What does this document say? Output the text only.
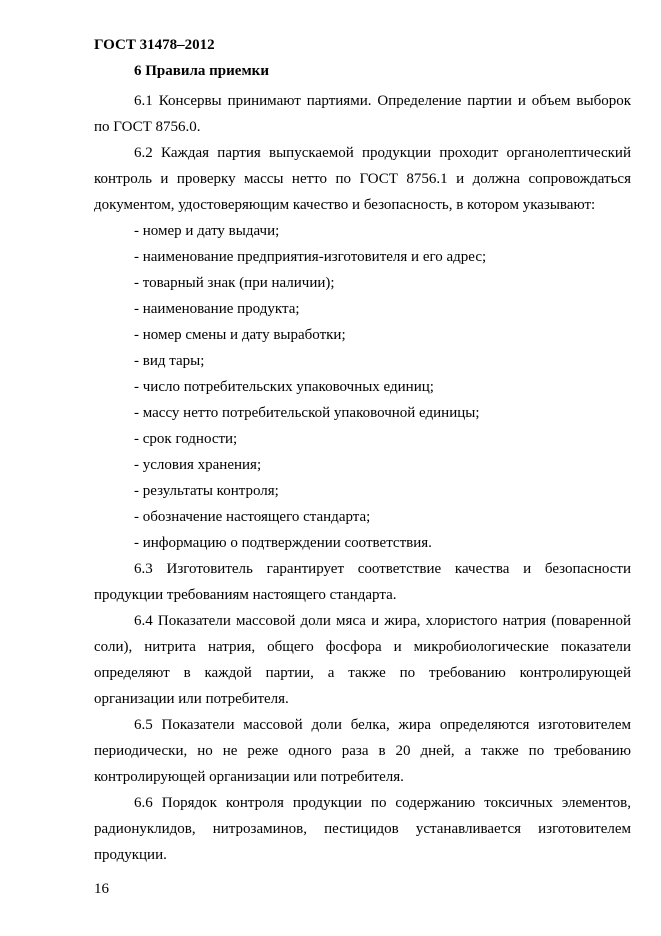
ГОСТ 31478–2012
6 Правила приемки

6.1 Консервы принимают партиями. Определение партии и объем выборок по ГОСТ 8756.0.

6.2 Каждая партия выпускаемой продукции проходит органолептический контроль и проверку массы нетто по ГОСТ 8756.1 и должна сопровождаться документом, удостоверяющим качество и безопасность, в котором указывают:

- номер и дату выдачи;
- наименование предприятия-изготовителя и его адрес;
- товарный знак (при наличии);
- наименование продукта;
- номер смены и дату выработки;
- вид тары;
- число потребительских упаковочных единиц;
- массу нетто потребительской упаковочной единицы;
- срок годности;
- условия хранения;
- результаты контроля;
- обозначение настоящего стандарта;
- информацию о подтверждении соответствия.

6.3 Изготовитель гарантирует соответствие качества и безопасности продукции требованиям настоящего стандарта.

6.4 Показатели массовой доли мяса и жира, хлористого натрия (поваренной соли), нитрита натрия, общего фосфора и микробиологические показатели определяют в каждой партии, а также по требованию контролирующей организации или потребителя.

6.5 Показатели массовой доли белка, жира определяются изготовителем периодически, но не реже одного раза в 20 дней, а также по требованию контролирующей организации или потребителя.

6.6 Порядок контроля продукции по содержанию токсичных элементов, радионуклидов, нитрозаминов, пестицидов устанавливается изготовителем продукции.

16
